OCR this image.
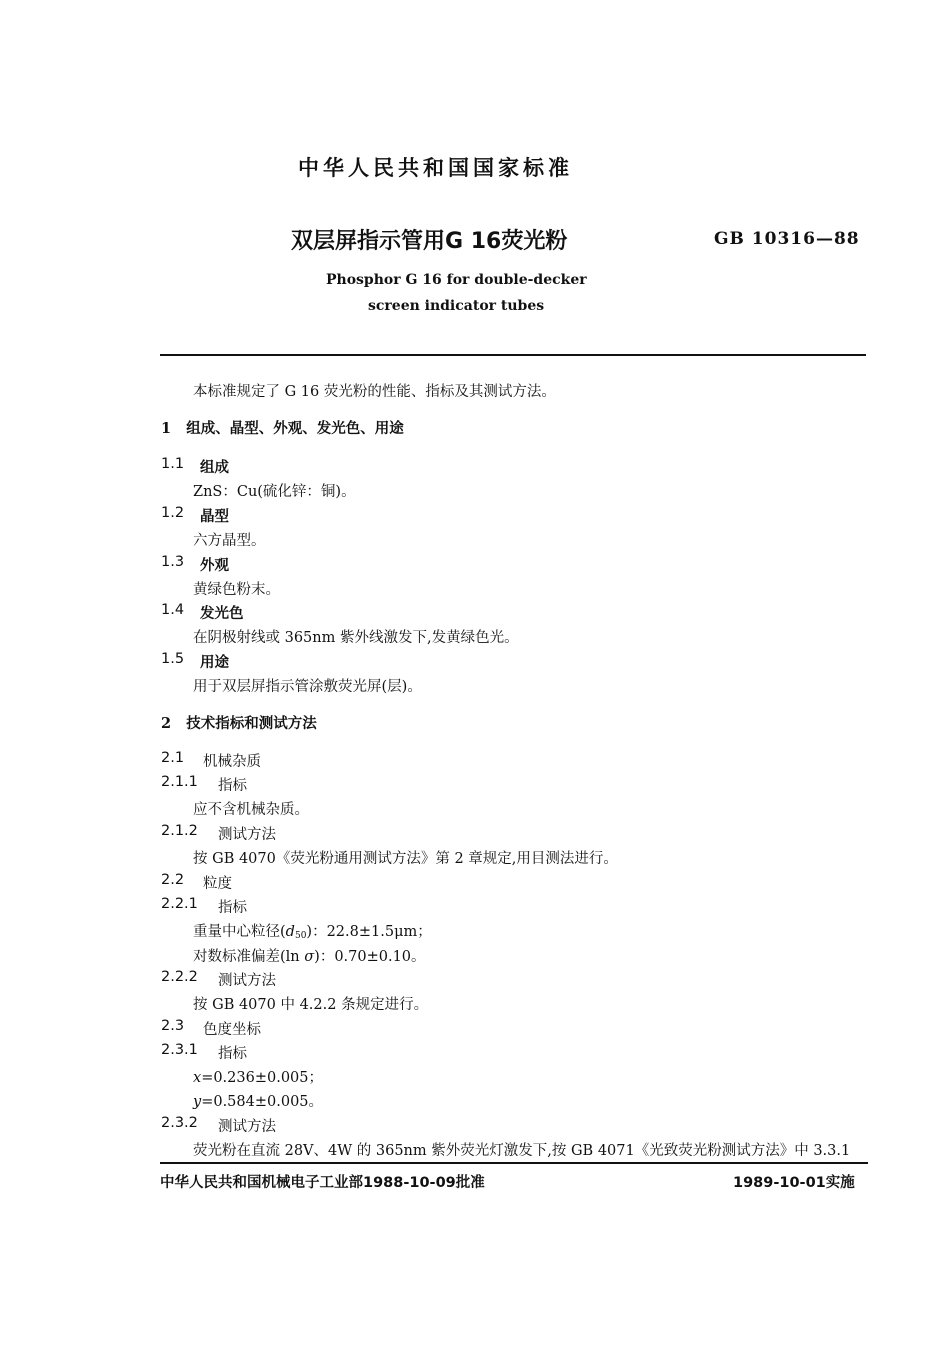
中华人民共和国国家标准
双层屏指示管用G 16荧光粉	GB 10316—88
Phosphor G 16 for double-decker
screen indicator tubes
本标准规定了 G 16 荧光粉的性能、指标及其测试方法。
1 组成、晶型、外观、发光色、用途
1.1 组成
ZnS：Cu(硫化锌：铜)。
1.2 晶型
六方晶型。
1.3 外观
黄绿色粉末。
1.4 发光色
在阴极射线或 365nm 紫外线激发下,发黄绿色光。
1.5 用途
用于双层屏指示管涂敷荧光屏(层)。
2 技术指标和测试方法
2.1 机械杂质
2.1.1 指标
应不含机械杂质。
2.1.2 测试方法
按 GB 4070《荧光粉通用测试方法》第 2 章规定,用目测法进行。
2.2 粒度
2.2.1 指标
重量中心粒径$(d_{50})$：22.8±1.5μm；
对数标准偏差(ln σ)：0.70±0.10。
2.2.2 测试方法
按 GB 4070 中 4.2.2 条规定进行。
2.3 色度坐标
2.3.1 指标
x=0.236±0.005；
y=0.584±0.005。
2.3.2 测试方法
荧光粉在直流 28V、4W 的 365nm 紫外荧光灯激发下,按 GB 4071《光致荧光粉测试方法》中 3.3.1
中华人民共和国机械电子工业部1988-10-09批准	1989-10-01实施
